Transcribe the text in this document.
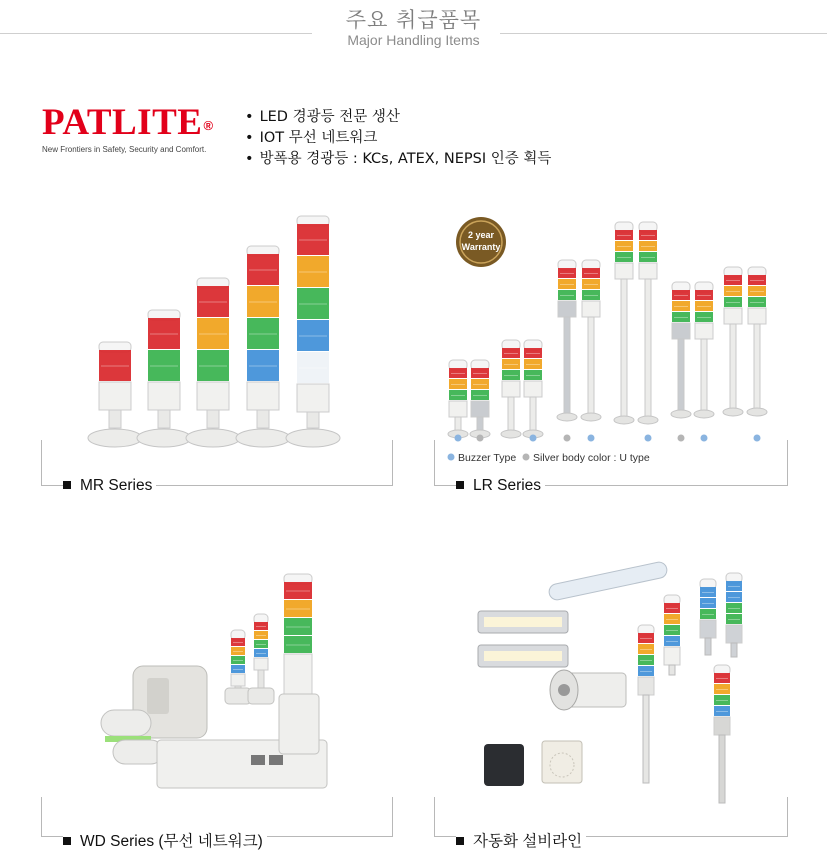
주요 취급품목
Major Handling Items
PATLITE®
New Frontiers in Safety, Security and Comfort.
• LED 경광등 전문 생산
• IOT 무선 네트워크
• 방폭용 경광등 : KCs, ATEX, NEPSI 인증 획득
MR Series
2 year
Warranty
Buzzer Type Silver body color : U type
LR Series
WD Series (무선 네트워크)	자동화 설비라인
